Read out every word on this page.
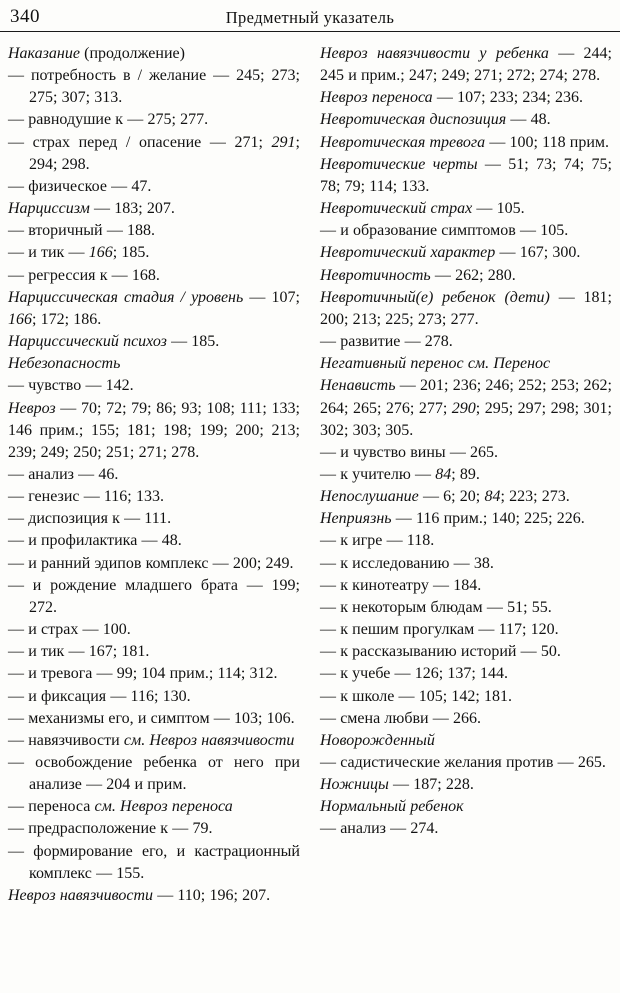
340	Предметный указатель

Наказание (продолжение)

— потребность в / желание — 245; 273; 275; 307; 313.

— равнодушие к — 275; 277.

— страх перед / опасение — 271; 291; 294; 298.

— физическое — 47.

Нарциссизм — 183; 207.

— вторичный — 188.

— и тик — 166; 185.

— регрессия к — 168.

Нарциссическая стадия / уровень — 107; 166; 172; 186.

Нарциссический психоз — 185.

Небезопасность

— чувство — 142.

Невроз — 70; 72; 79; 86; 93; 108; 111; 133; 146 прим.; 155; 181; 198; 199; 200; 213; 239; 249; 250; 251; 271; 278.

— анализ — 46.

— генезис — 116; 133.

— диспозиция к — 111.

— и профилактика — 48.

— и ранний эдипов комплекс — 200; 249.

— и рождение младшего брата — 199; 272.

— и страх — 100.

— и тик — 167; 181.

— и тревога — 99; 104 прим.; 114; 312.

— и фиксация — 116; 130.

— механизмы его, и симптом — 103; 106.

— навязчивости см. Невроз навязчивости

— освобождение ребенка от него при анализе — 204 и прим.

— переноса см. Невроз переноса

— предрасположение к — 79.

— формирование его, и кастрационный комплекс — 155.

Невроз навязчивости — 110; 196; 207.

Невроз навязчивости у ребенка — 244; 245 и прим.; 247; 249; 271; 272; 274; 278.

Невроз переноса — 107; 233; 234; 236.

Невротическая диспозиция — 48.

Невротическая тревога — 100; 118 прим.

Невротические черты — 51; 73; 74; 75; 78; 79; 114; 133.

Невротический страх — 105.

— и образование симптомов — 105.

Невротический характер — 167; 300.

Невротичность — 262; 280.

Невротичный(е) ребенок (дети) — 181; 200; 213; 225; 273; 277.

— развитие — 278.

Негативный перенос см. Перенос

Ненависть — 201; 236; 246; 252; 253; 262; 264; 265; 276; 277; 290; 295; 297; 298; 301; 302; 303; 305.

— и чувство вины — 265.

— к учителю — 84; 89.

Непослушание — 6; 20; 84; 223; 273.

Неприязнь — 116 прим.; 140; 225; 226.

— к игре — 118.

— к исследованию — 38.

— к кинотеатру — 184.

— к некоторым блюдам — 51; 55.

— к пешим прогулкам — 117; 120.

— к рассказыванию историй — 50.

— к учебе — 126; 137; 144.

— к школе — 105; 142; 181.

— смена любви — 266.

Новорожденный

— садистические желания против — 265.

Ножницы — 187; 228.

Нормальный ребенок

— анализ — 274.
